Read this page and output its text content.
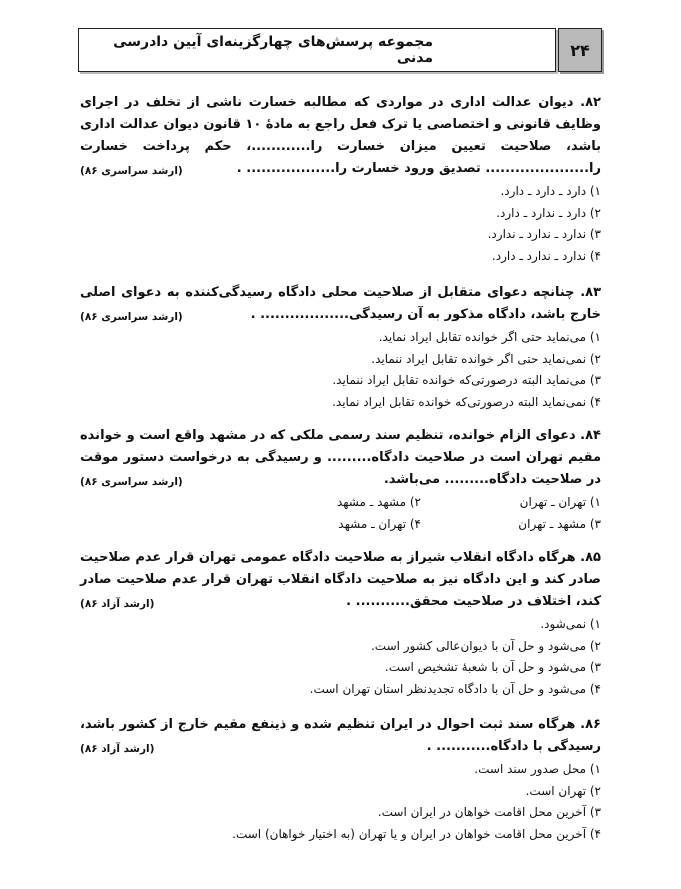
۲۴
مجموعه پرسش‌های چهارگزینه‌ای آیین دادرسی مدنی
۸۲. دیوان عدالت اداری در مواردی که مطالبه خسارت ناشی از تخلف در اجرای وظایف قانونی و اختصاصی یا ترک فعل راجع به مادهٔ ۱۰ قانون دیوان عدالت اداری باشد، صلاحیت تعیین میزان خسارت را............، حکم پرداخت خسارت را..................... تصدیق ورود خسارت را.................. .
(ارشد سراسری ۸۶)
۱) دارد ـ دارد ـ دارد.
۲) دارد ـ ندارد ـ دارد.
۳) ندارد ـ ندارد ـ ندارد.
۴) ندارد ـ ندارد ـ دارد.
۸۳. چنانچه دعوای متقابل از صلاحیت محلی دادگاه رسیدگی‌کننده به دعوای اصلی خارج باشد، دادگاه مذکور به آن رسیدگی.................. .
(ارشد سراسری ۸۶)
۱) می‌نماید حتی اگر خوانده تقابل ایراد نماید.
۲) نمی‌نماید حتی اگر خوانده تقابل ایراد ننماید.
۳) می‌نماید البته درصورتی‌که خوانده تقابل ایراد ننماید.
۴) نمی‌نماید البته درصورتی‌که خوانده تقابل ایراد نماید.
۸۴. دعوای الزام خوانده، تنظیم سند رسمی ملکی که در مشهد واقع است و خوانده مقیم تهران است در صلاحیت دادگاه......... و رسیدگی به درخواست دستور موقت در صلاحیت دادگاه......... می‌باشد.
(ارشد سراسری ۸۶)
۱) تهران ـ تهران
۲) مشهد ـ مشهد
۳) مشهد ـ تهران
۴) تهران ـ مشهد
۸۵. هرگاه دادگاه انقلاب شیراز به صلاحیت دادگاه عمومی تهران قرار عدم صلاحیت صادر کند و این دادگاه نیز به صلاحیت دادگاه انقلاب تهران قرار عدم صلاحیت صادر کند، اختلاف در صلاحیت محقق........... .
(ارشد آزاد ۸۶)
۱) نمی‌شود.
۲) می‌شود و حل آن با دیوان‌عالی کشور است.
۳) می‌شود و حل آن با شعبهٔ تشخیص است.
۴) می‌شود و حل آن با دادگاه تجدیدنظر استان تهران است.
۸۶. هرگاه سند ثبت احوال در ایران تنظیم شده و ذینفع مقیم خارج از کشور باشد، رسیدگی با دادگاه........... .
(ارشد آزاد ۸۶)
۱) محل صدور سند است.
۲) تهران است.
۳) آخرین محل اقامت خواهان در ایران است.
۴) آخرین محل اقامت خواهان در ایران و یا تهران (به اختیار خواهان) است.
